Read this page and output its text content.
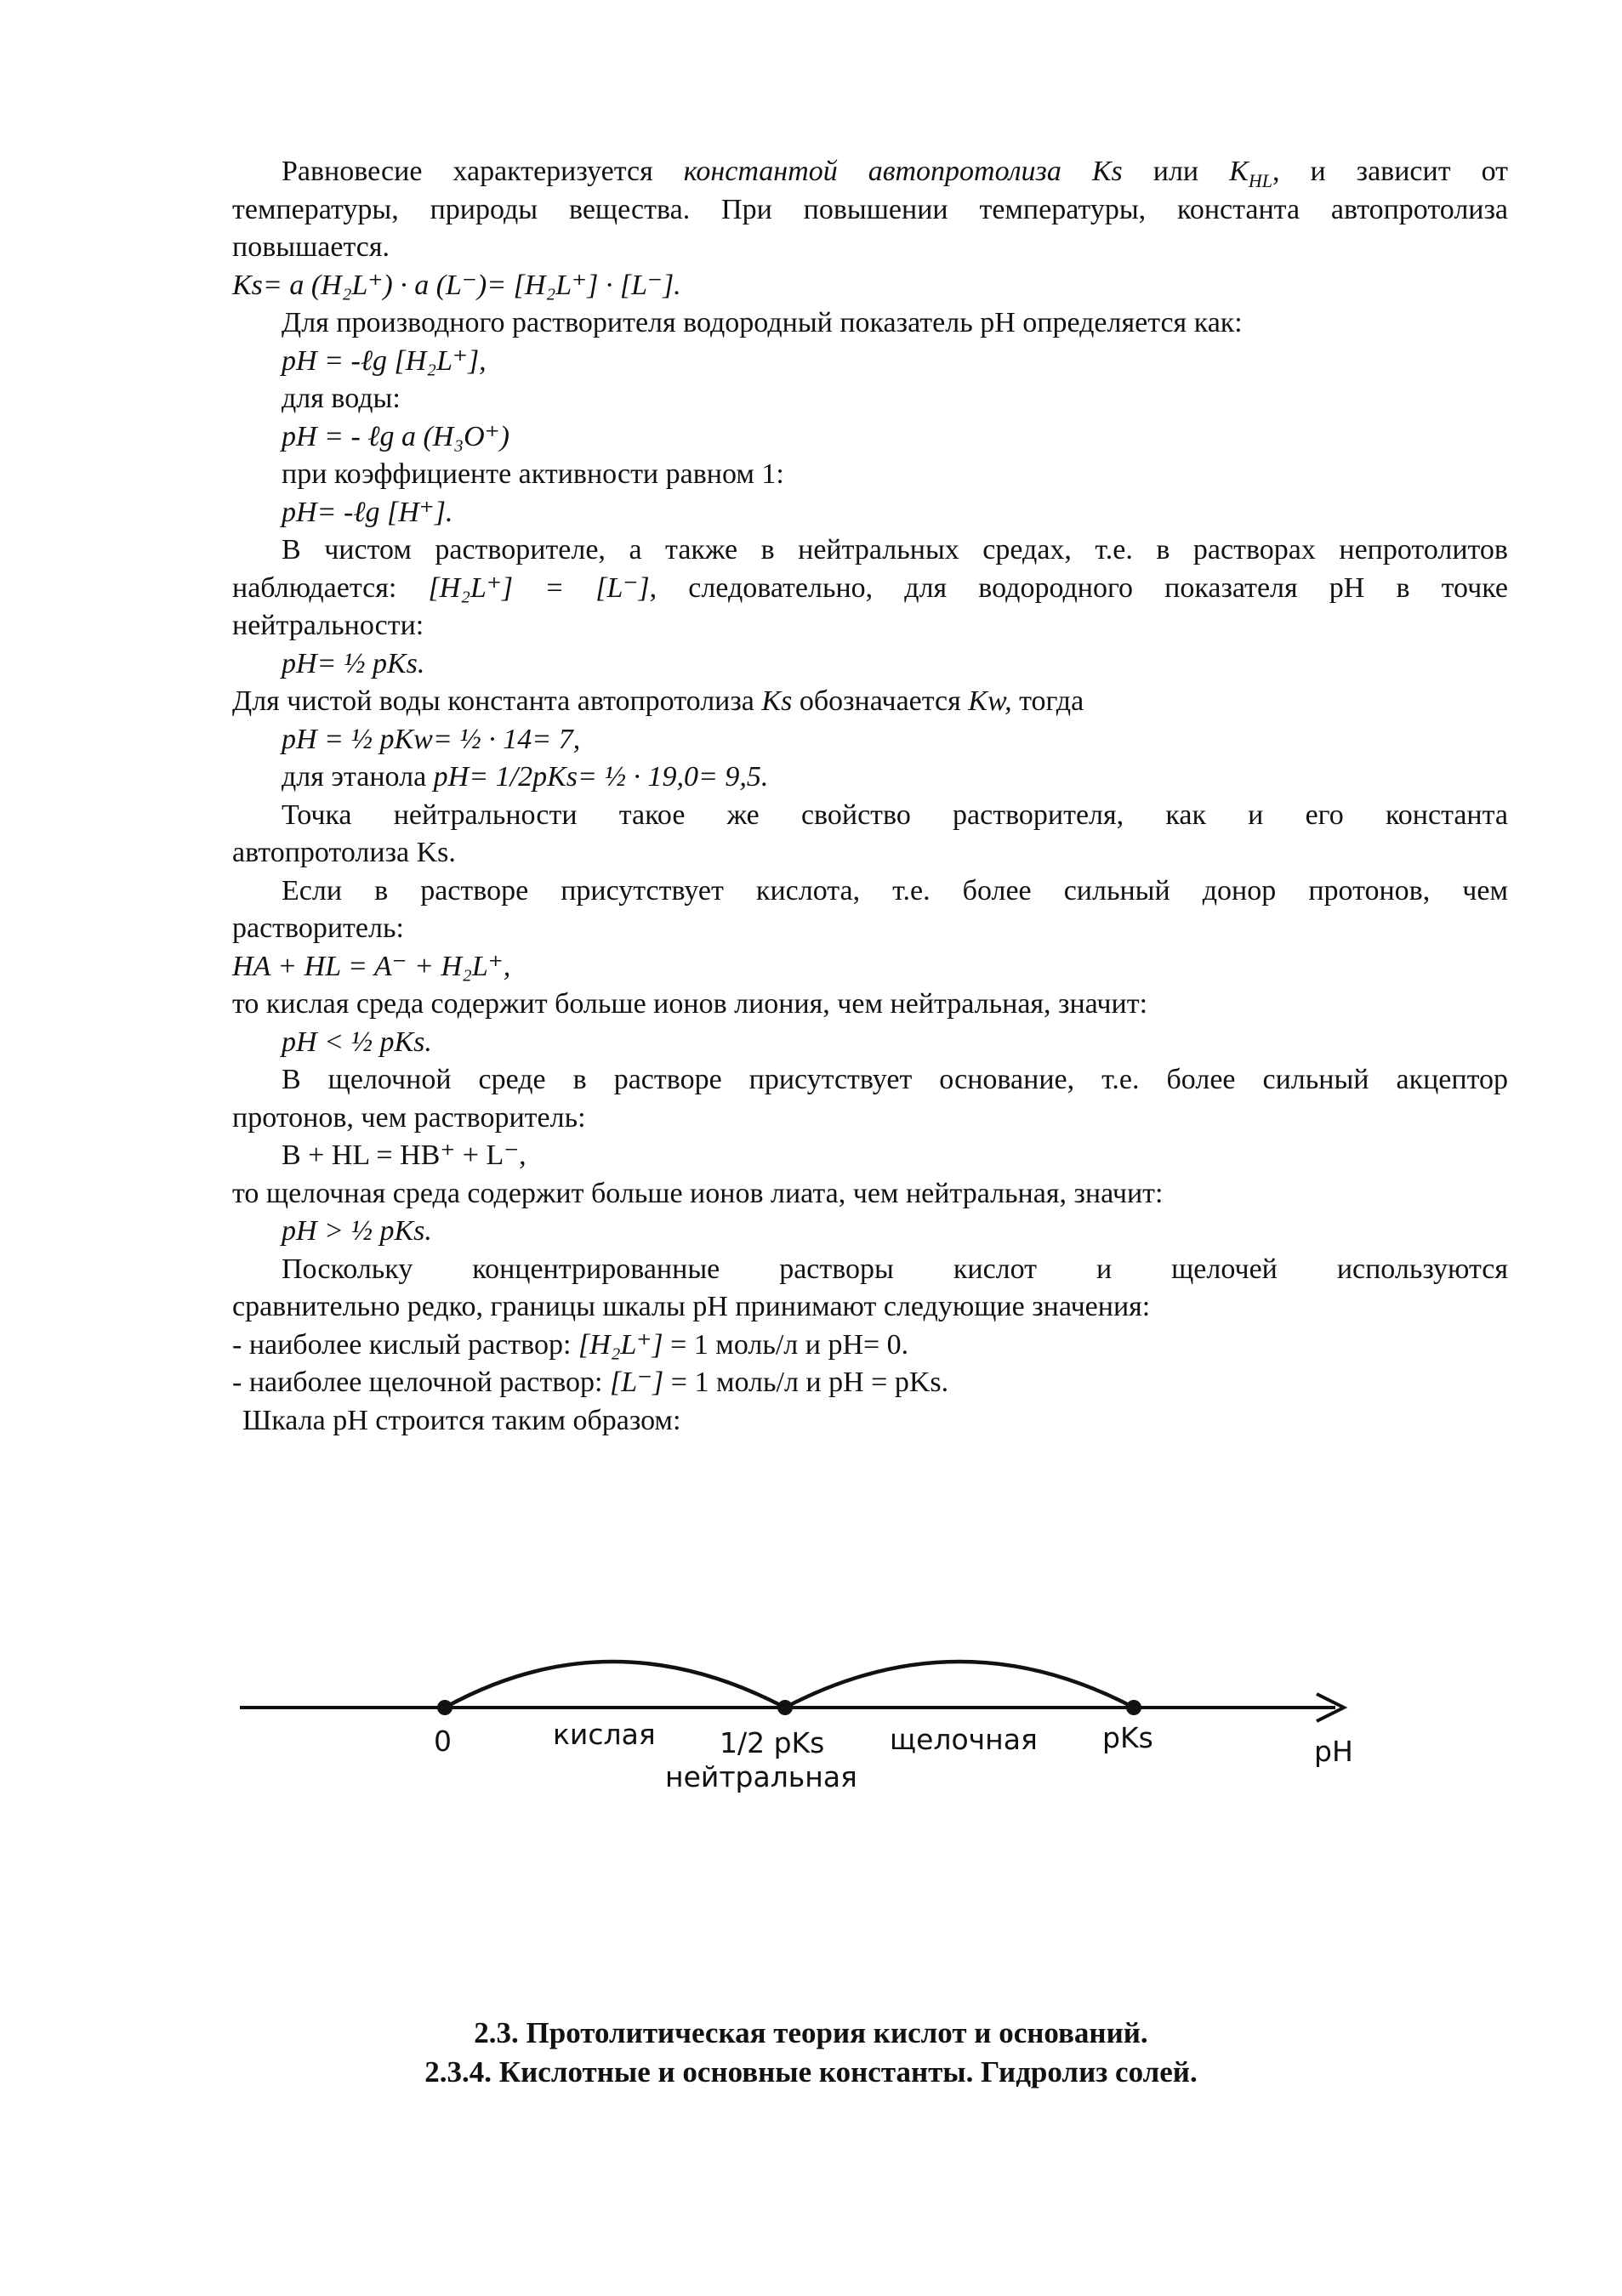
Равновесие характеризуется константой автопротолиза Ks или $K_{HL}$, и зависит от

температуры, природы вещества. При повышении температуры, константа автопротолиза

повышается.

Ks= a (H₂L⁺) · a (L⁻)= [H₂L⁺] · [L⁻].

Для производного растворителя водородный показатель pH определяется как:

pH = -ℓg [H₂L⁺],

для воды:

pH = - ℓg a (H₃O⁺)

при коэффициенте активности равном 1:

pH= -ℓg [H⁺].

В чистом растворителе, а также в нейтральных средах, т.е. в растворах непротолитов

наблюдается: [H₂L⁺] = [L⁻], следовательно, для водородного показателя pH в точке

нейтральности:

pH= ½ pKs.

Для чистой воды константа автопротолиза Ks обозначается Kw, тогда

pH = ½ pKw= ½ · 14= 7,

для этанола pH= 1/2pKs= ½ · 19,0= 9,5.

Точка нейтральности такое же свойство растворителя, как и его константа

автопротолиза Ks.

Если в растворе присутствует кислота, т.е. более сильный донор протонов, чем

растворитель:

HA + HL = A⁻ + H₂L⁺,

то кислая среда содержит больше ионов лиония, чем нейтральная, значит:

pH < ½ pKs.

В щелочной среде в растворе присутствует основание, т.е. более сильный акцептор

протонов, чем растворитель:

B + HL = HB⁺ + L⁻,

то щелочная среда содержит больше ионов лиата, чем нейтральная, значит:

pH > ½ pKs.

Поскольку концентрированные растворы кислот и щелочей используются

сравнительно редко, границы шкалы pH принимают следующие значения:

- наиболее кислый раствор: [H₂L⁺] = 1 моль/л и pH= 0.

- наиболее щелочной раствор: [L⁻] = 1 моль/л и pH = pKs.

Шкала pH строится таким образом:

0	кислая 1/2 pKs
нейтральная
щелочная pKs	pH
2.3. Протолитическая теория кислот и оснований.
2.3.4. Кислотные и основные константы. Гидролиз солей.
